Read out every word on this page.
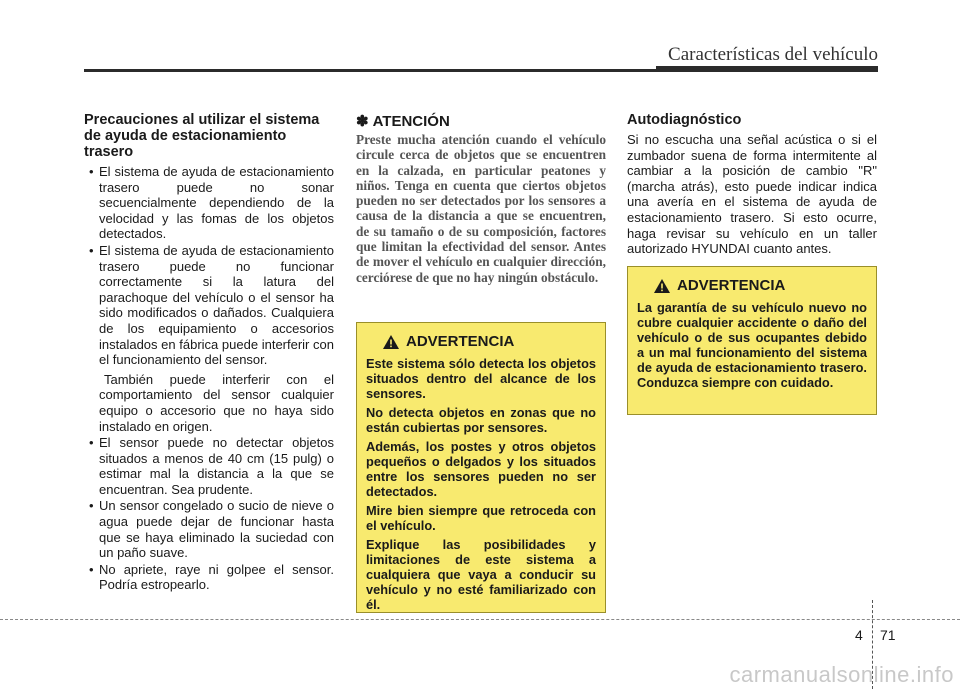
Características del vehículo
Precauciones al utilizar el sistema de ayuda de estacionamiento trasero
• El sistema de ayuda de estacionamiento trasero puede no sonar secuencialmente dependiendo de la velocidad y las fomas de los objetos detectados.
• El sistema de ayuda de estacionamiento trasero puede no funcionar correctamente si la latura del parachoque del vehículo o el sensor ha sido modificados o dañados. Cualquiera de los equipamiento o accesorios instalados en fábrica puede interferir con el funcionamiento del sensor.
También puede interferir con el comportamiento del sensor cualquier equipo o accesorio que no haya sido instalado en origen.
• El sensor puede no detectar objetos situados a menos de 40 cm (15 pulg) o estimar mal la distancia a la que se encuentran. Sea prudente.
• Un sensor congelado o sucio de nieve o agua puede dejar de funcionar hasta que se haya eliminado la suciedad con un paño suave.
• No apriete, raye ni golpee el sensor. Podría estropearlo.
✽ ATENCIÓN
Preste mucha atención cuando el vehículo circule cerca de objetos que se encuentren en la calzada, en particular peatones y niños. Tenga en cuenta que ciertos objetos pueden no ser detectados por los sensores a causa de la distancia a que se encuentren, de su tamaño o de su composición, factores que limitan la efectividad del sensor. Antes de mover el vehículo en cualquier dirección, cerciórese de que no hay ningún obstáculo.
ADVERTENCIA

Este sistema sólo detecta los objetos situados dentro del alcance de los sensores.

No detecta objetos en zonas que no están cubiertas por sensores.

Además, los postes y otros objetos pequeños o delgados y los situados entre los sensores pueden no ser detectados.

Mire bien siempre que retroceda con el vehículo.

Explique las posibilidades y limitaciones de este sistema a cualquiera que vaya a conducir su vehículo y no esté familiarizado con él.

Autodiagnóstico

Si no escucha una señal acústica o si el zumbador suena de forma intermitente al cambiar a la posición de cambio "R" (marcha atrás), esto puede indicar indica una avería en el sistema de ayuda de estacionamiento trasero. Si esto ocurre, haga revisar su vehículo en un taller autorizado HYUNDAI cuanto antes.

ADVERTENCIA

La garantía de su vehículo nuevo no cubre cualquier accidente o daño del vehículo o de sus ocupantes debido a un mal funcionamiento del sistema de ayuda de estacionamiento trasero. Conduzca siempre con cuidado.

4 71
carmanualsonline.info
